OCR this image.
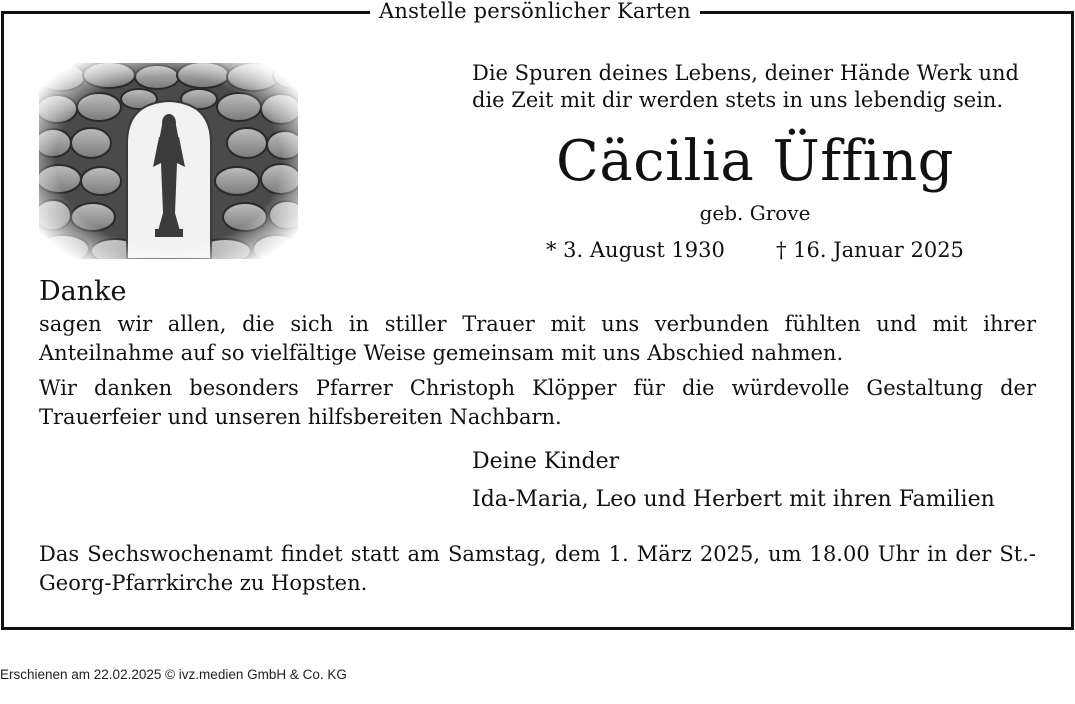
Anstelle persönlicher Karten
Die Spuren deines Lebens, deiner Hände Werk und
die Zeit mit dir werden stets in uns lebendig sein.
Cäcilia Üffing
geb. Grove
* 3. August 1930 † 16. Januar 2025
Danke
sagen wir allen, die sich in stiller Trauer mit uns verbunden fühlten und mit ihrer Anteilnahme auf so vielfältige Weise gemeinsam mit uns Abschied nahmen.
Wir danken besonders Pfarrer Christoph Klöpper für die würdevolle Gestaltung der Trauerfeier und unseren hilfsbereiten Nachbarn.
Deine Kinder
Ida-Maria, Leo und Herbert mit ihren Familien
Das Sechswochenamt findet statt am Samstag, dem 1. März 2025, um 18.00 Uhr in der St.-Georg-Pfarrkirche zu Hopsten.
Erschienen am 22.02.2025 © ivz.medien GmbH & Co. KG
